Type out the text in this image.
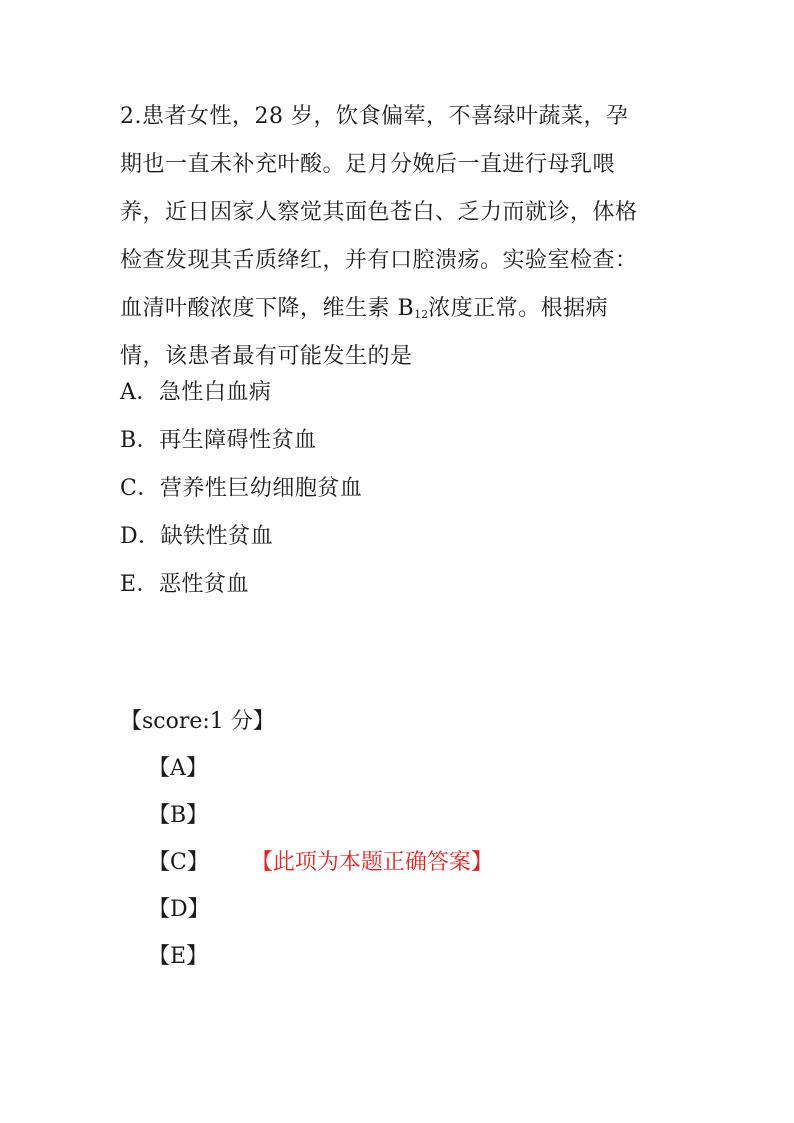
2.患者女性，28 岁，饮食偏荤，不喜绿叶蔬菜，孕
期也一直未补充叶酸。足月分娩后一直进行母乳喂
养，近日因家人察觉其面色苍白、乏力而就诊，体格
检查发现其舌质绛红，并有口腔溃疡。实验室检查：
血清叶酸浓度下降，维生素 $B_{12}$浓度正常。根据病
情，该患者最有可能发生的是
A．急性白血病
B．再生障碍性贫血
C．营养性巨幼细胞贫血
D．缺铁性贫血
E．恶性贫血
【score:1 分】
【A】
【B】
【C】 【此项为本题正确答案】
【D】
【E】
